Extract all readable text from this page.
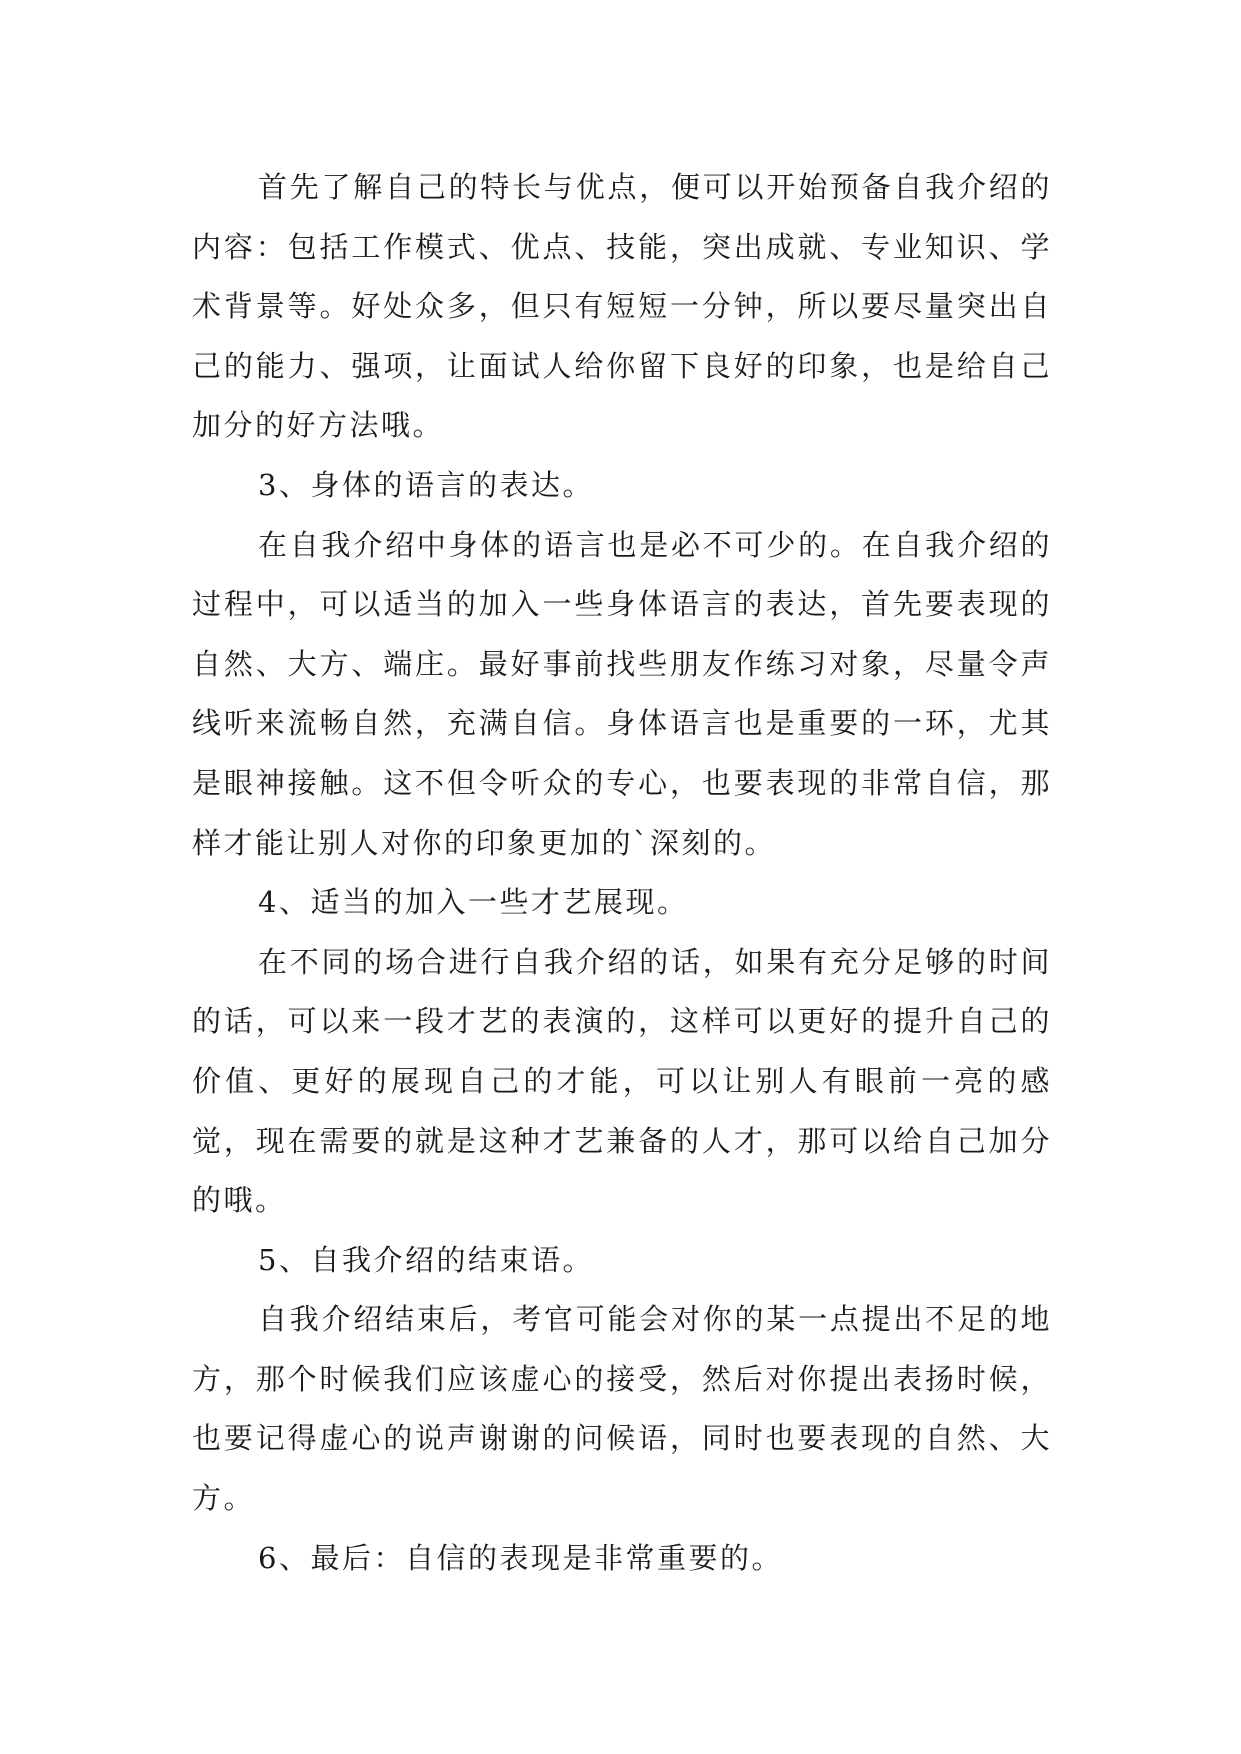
首先了解自己的特长与优点，便可以开始预备自我介绍的内容：包括工作模式、优点、技能，突出成就、专业知识、学术背景等。好处众多，但只有短短一分钟，所以要尽量突出自己的能力、强项，让面试人给你留下良好的印象，也是给自己加分的好方法哦。

3、身体的语言的表达。

在自我介绍中身体的语言也是必不可少的。在自我介绍的过程中，可以适当的加入一些身体语言的表达，首先要表现的自然、大方、端庄。最好事前找些朋友作练习对象，尽量令声线听来流畅自然，充满自信。身体语言也是重要的一环，尤其是眼神接触。这不但令听众的专心，也要表现的非常自信，那样才能让别人对你的印象更加的`深刻的。

4、适当的加入一些才艺展现。

在不同的场合进行自我介绍的话，如果有充分足够的时间的话，可以来一段才艺的表演的，这样可以更好的提升自己的价值、更好的展现自己的才能，可以让别人有眼前一亮的感觉，现在需要的就是这种才艺兼备的人才，那可以给自己加分的哦。

5、自我介绍的结束语。

自我介绍结束后，考官可能会对你的某一点提出不足的地方，那个时候我们应该虚心的接受，然后对你提出表扬时候，也要记得虚心的说声谢谢的问候语，同时也要表现的自然、大方。

6、最后：自信的表现是非常重要的。
